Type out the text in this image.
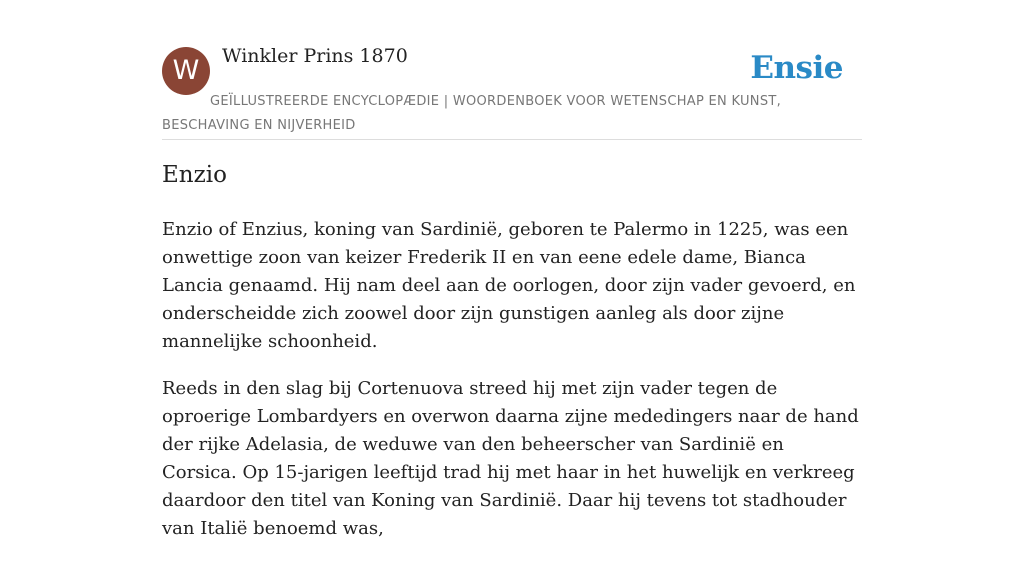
W	Winkler Prins 1870	Ensie
GEÏLLUSTREERDE ENCYCLOPÆDIE | WOORDENBOEK VOOR WETENSCHAP EN KUNST, BESCHAVING EN NIJVERHEID
Enzio

Enzio of Enzius, koning van Sardinië, geboren te Palermo in 1225, was een onwettige zoon van keizer Frederik II en van eene edele dame, Bianca Lancia genaamd. Hij nam deel aan de oorlogen, door zijn vader gevoerd, en onderscheidde zich zoowel door zijn gunstigen aanleg als door zijne mannelijke schoonheid.

Reeds in den slag bij Cortenuova streed hij met zijn vader tegen de oproerige Lombardyers en overwon daarna zijne mededingers naar de hand der rijke Adelasia, de weduwe van den beheerscher van Sardinië en Corsica. Op 15-jarigen leeftijd trad hij met haar in het huwelijk en verkreeg daardoor den titel van Koning van Sardinië. Daar hij tevens tot stadhouder van Italië benoemd was,
